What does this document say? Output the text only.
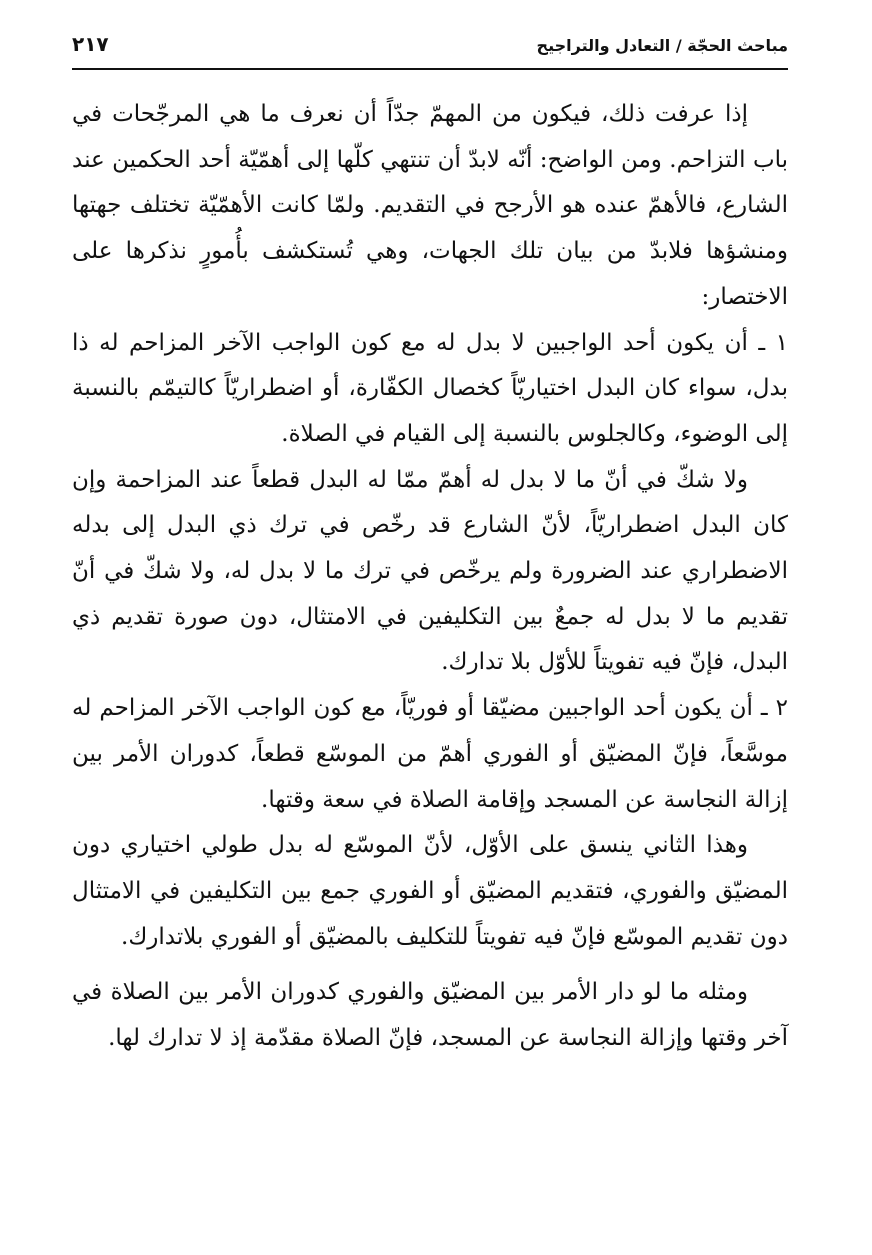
مباحث الحجّة / التعادل والتراجيح
٢١٧

إذا عرفت ذلك، فيكون من المهمّ جدّاً أن نعرف ما هي المرجّحات في باب التزاحم. ومن الواضح: أنّه لابدّ أن تنتهي كلّها إلى أهمّيّة أحد الحكمين عند الشارع، فالأهمّ عنده هو الأرجح في التقديم. ولمّا كانت الأهمّيّة تختلف جهتها ومنشؤها فلابدّ من بيان تلك الجهات، وهي تُستكشف بأُمورٍ نذكرها على الاختصار:

١ ـ أن يكون أحد الواجبين لا بدل له مع كون الواجب الآخر المزاحم له ذا بدل، سواء كان البدل اختياريّاً كخصال الكفّارة، أو اضطراريّاً كالتيمّم بالنسبة إلى الوضوء، وكالجلوس بالنسبة إلى القيام في الصلاة.

ولا شكّ في أنّ ما لا بدل له أهمّ ممّا له البدل قطعاً عند المزاحمة وإن كان البدل اضطراريّاً، لأنّ الشارع قد رخّص في ترك ذي البدل إلى بدله الاضطراري عند الضرورة ولم يرخّص في ترك ما لا بدل له، ولا شكّ في أنّ تقديم ما لا بدل له جمعٌ بين التكليفين في الامتثال، دون صورة تقديم ذي البدل، فإنّ فيه تفويتاً للأوّل بلا تدارك.

٢ ـ أن يكون أحد الواجبين مضيّقا أو فوريّاً، مع كون الواجب الآخر المزاحم له موسَّعاً، فإنّ المضيّق أو الفوري أهمّ من الموسّع قطعاً، كدوران الأمر بين إزالة النجاسة عن المسجد وإقامة الصلاة في سعة وقتها.

وهذا الثاني ينسق على الأوّل، لأنّ الموسّع له بدل طولي اختياري دون المضيّق والفوري، فتقديم المضيّق أو الفوري جمع بين التكليفين في الامتثال دون تقديم الموسّع فإنّ فيه تفويتاً للتكليف بالمضيّق أو الفوري بلاتدارك.

ومثله ما لو دار الأمر بين المضيّق والفوري كدوران الأمر بين الصلاة في آخر وقتها وإزالة النجاسة عن المسجد، فإنّ الصلاة مقدّمة إذ لا تدارك لها.
